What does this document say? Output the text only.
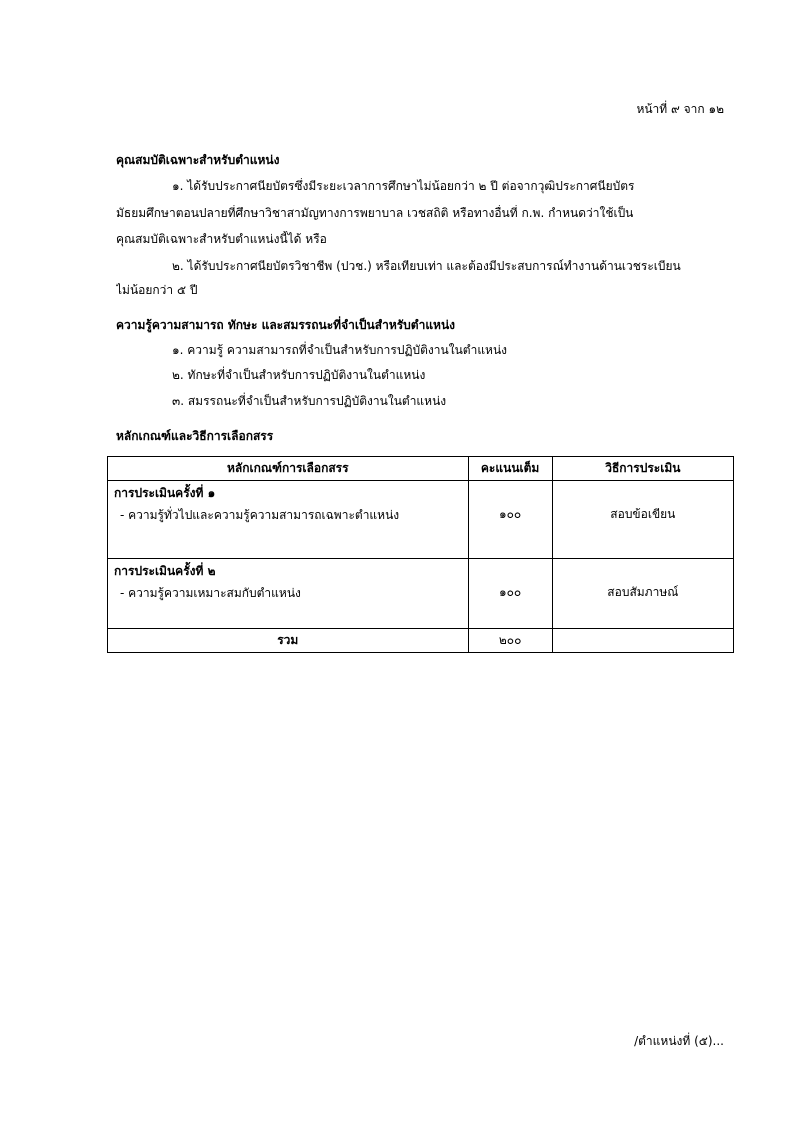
หน้าที่ ๙ จาก ๑๒
คุณสมบัติเฉพาะสำหรับตำแหน่ง
๑. ได้รับประกาศนียบัตรซึ่งมีระยะเวลาการศึกษาไม่น้อยกว่า ๒ ปี ต่อจากวุฒิประกาศนียบัตร
มัธยมศึกษาตอนปลายที่ศึกษาวิชาสามัญทางการพยาบาล เวชสถิติ หรือทางอื่นที่ ก.พ. กำหนดว่าใช้เป็น
คุณสมบัติเฉพาะสำหรับตำแหน่งนี้ได้ หรือ
๒. ได้รับประกาศนียบัตรวิชาชีพ (ปวช.) หรือเทียบเท่า และต้องมีประสบการณ์ทำงานด้านเวชระเบียน
ไม่น้อยกว่า ๕ ปี
ความรู้ความสามารถ ทักษะ และสมรรถนะที่จำเป็นสำหรับตำแหน่ง
๑. ความรู้ ความสามารถที่จำเป็นสำหรับการปฏิบัติงานในตำแหน่ง
๒. ทักษะที่จำเป็นสำหรับการปฏิบัติงานในตำแหน่ง
๓. สมรรถนะที่จำเป็นสำหรับการปฏิบัติงานในตำแหน่ง
หลักเกณฑ์และวิธีการเลือกสรร
หลักเกณฑ์การเลือกสรร	คะแนนเต็ม	วิธีการประเมิน

การประเมินครั้งที่ ๑
- ความรู้ทั่วไปและความรู้ความสามารถเฉพาะตำแหน่ง	๑๐๐	สอบข้อเขียน

การประเมินครั้งที่ ๒
- ความรู้ความเหมาะสมกับตำแหน่ง	๑๐๐	สอบสัมภาษณ์

รวม	๒๐๐	
/ตำแหน่งที่ (๕)...
